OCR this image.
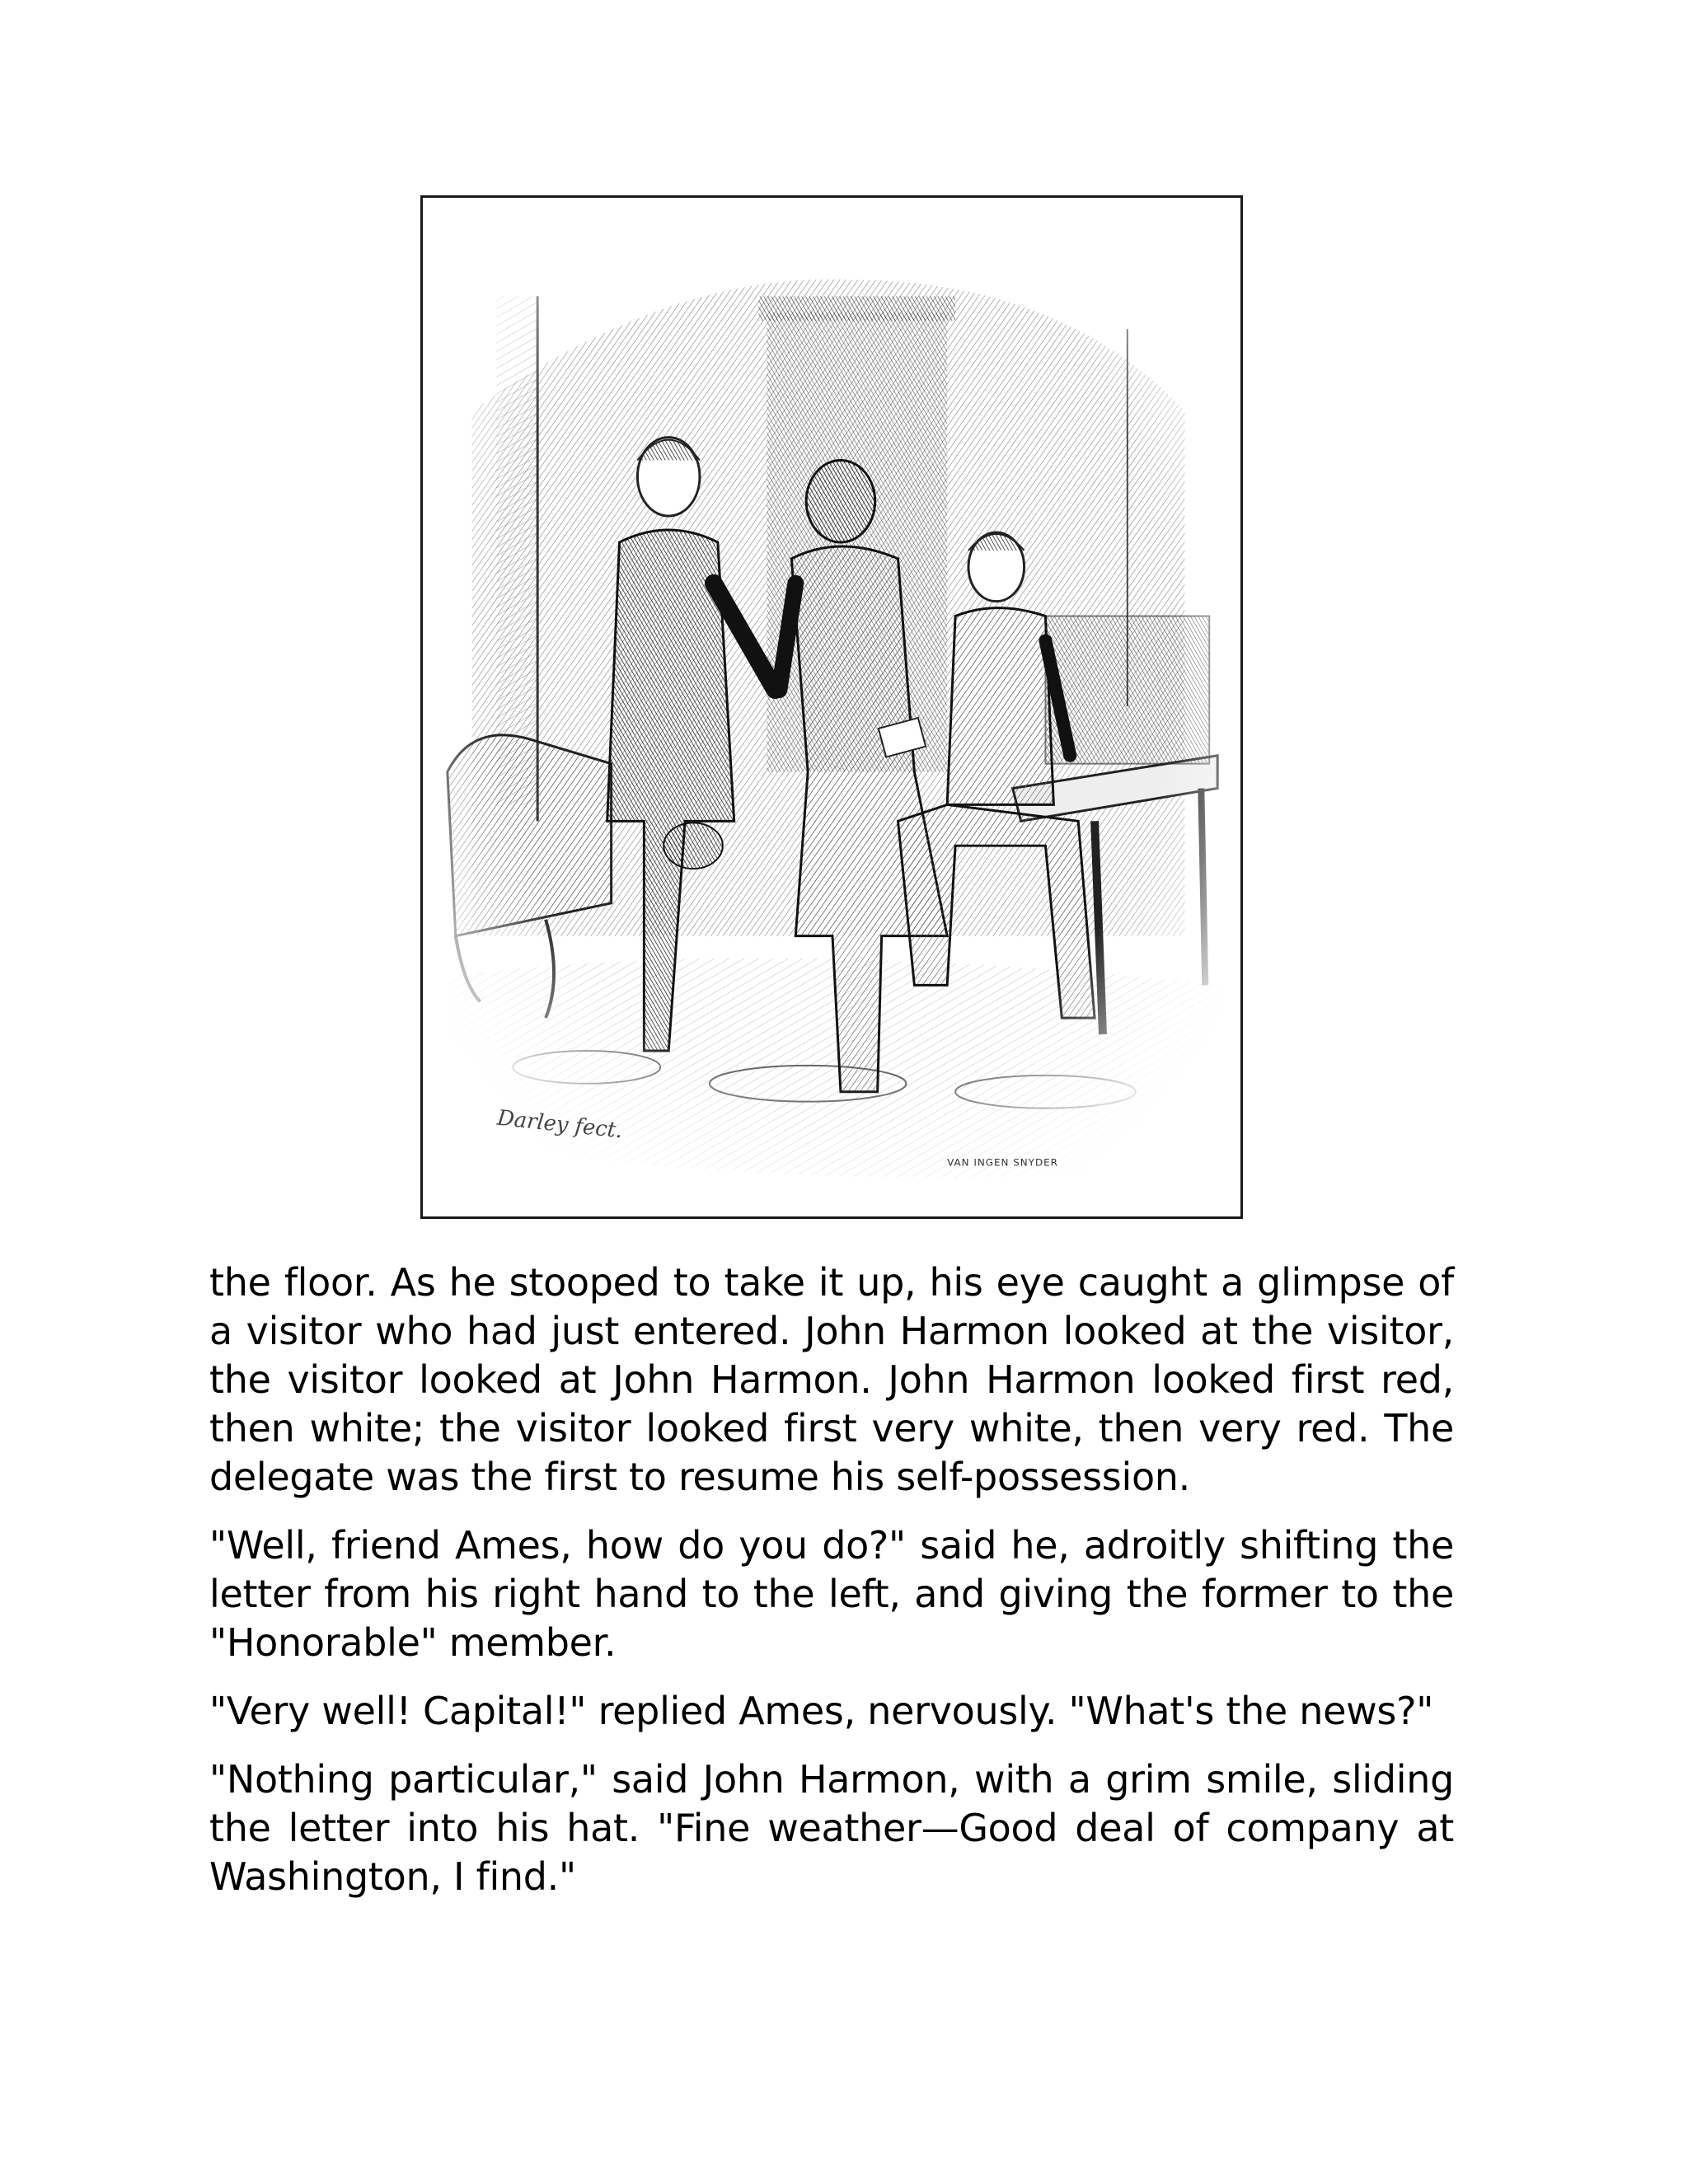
Darley fect.
VAN INGEN SNYDER

the floor. As he stooped to take it up, his eye caught a glimpse of a visitor who had just entered. John Harmon looked at the visitor, the visitor looked at John Harmon. John Harmon looked first red, then white; the visitor looked first very white, then very red. The delegate was the first to resume his self-possession.

"Well, friend Ames, how do you do?" said he, adroitly shifting the letter from his right hand to the left, and giving the former to the "Honorable" member.

"Very well! Capital!" replied Ames, nervously. "What's the news?"

"Nothing particular," said John Harmon, with a grim smile, sliding the letter into his hat. "Fine weather—Good deal of company at Washington, I find."
